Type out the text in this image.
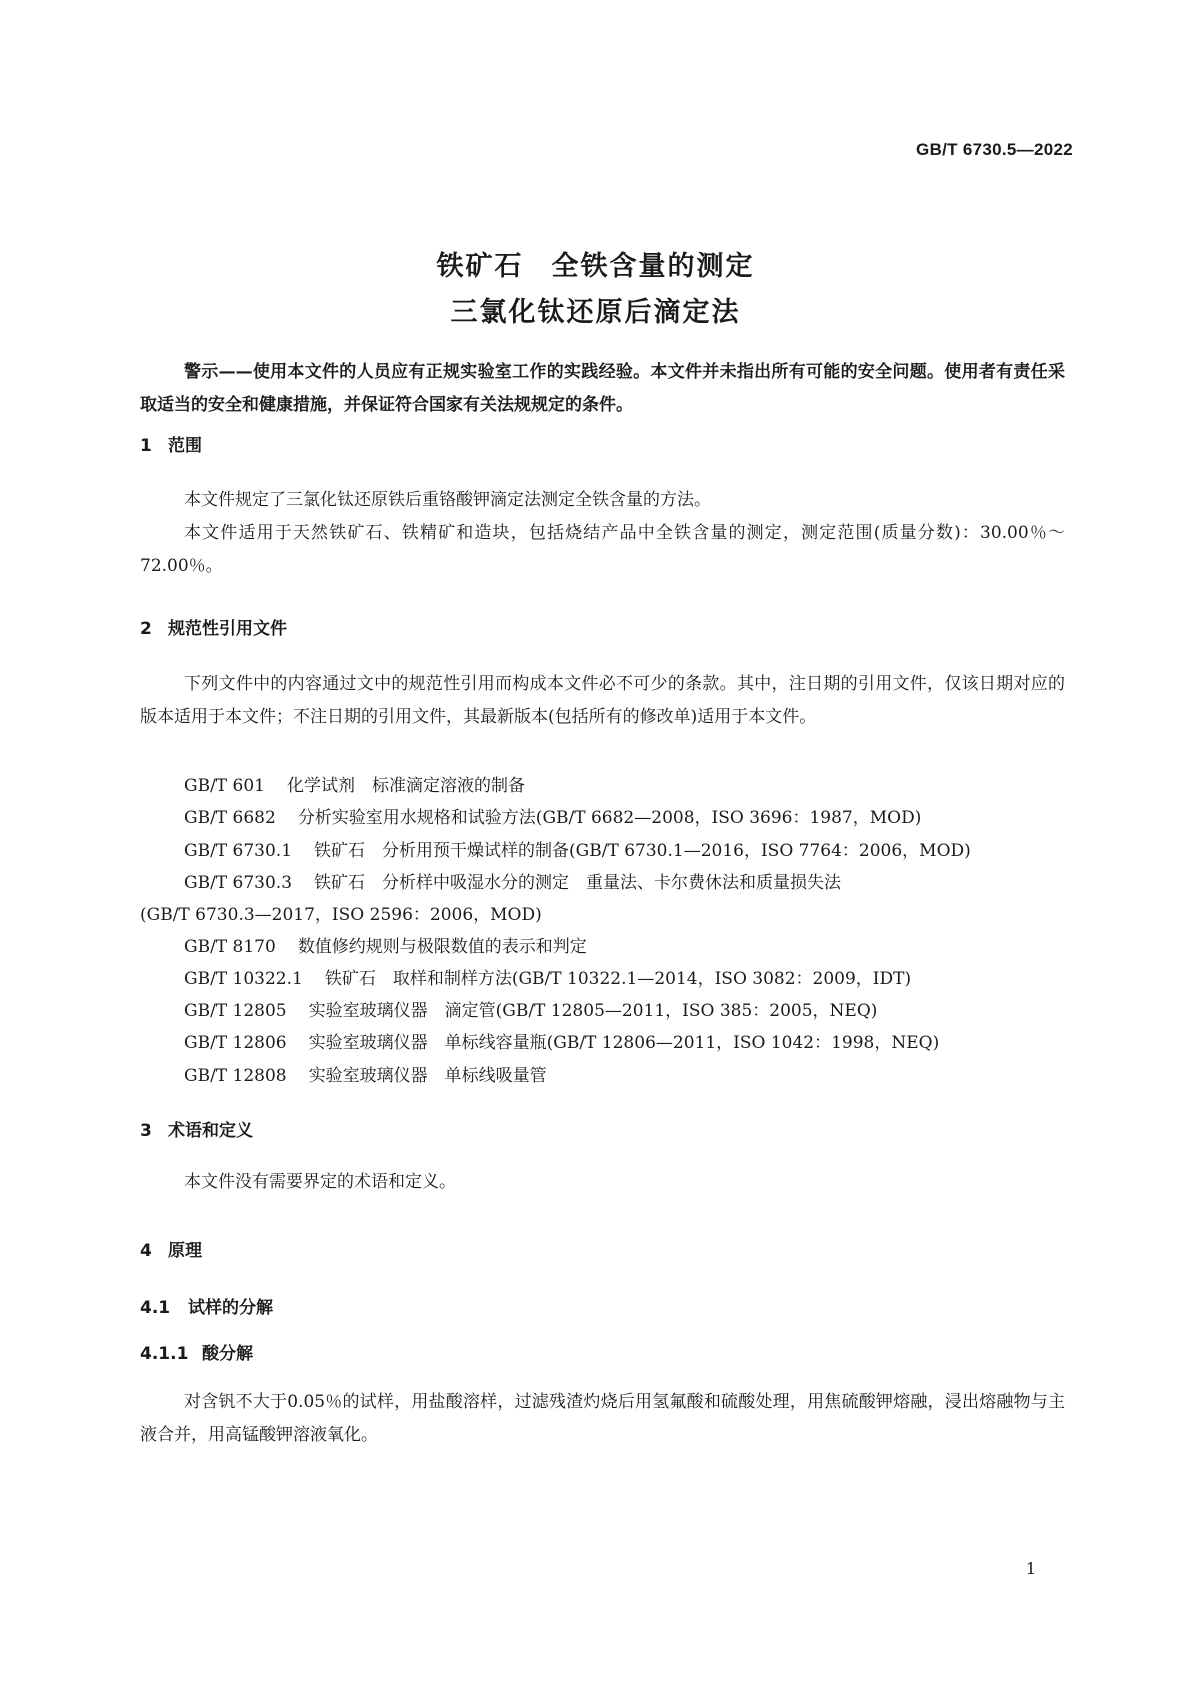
GB/T 6730.5—2022
铁矿石 全铁含量的测定
三氯化钛还原后滴定法
警示——使用本文件的人员应有正规实验室工作的实践经验。本文件并未指出所有可能的安全问题。使用者有责任采取适当的安全和健康措施，并保证符合国家有关法规规定的条件。
1 范围
本文件规定了三氯化钛还原铁后重铬酸钾滴定法测定全铁含量的方法。
本文件适用于天然铁矿石、铁精矿和造块，包括烧结产品中全铁含量的测定，测定范围(质量分数)：30.00％～72.00％。
2 规范性引用文件
下列文件中的内容通过文中的规范性引用而构成本文件必不可少的条款。其中，注日期的引用文件，仅该日期对应的版本适用于本文件；不注日期的引用文件，其最新版本(包括所有的修改单)适用于本文件。
GB/T 601 化学试剂　标准滴定溶液的制备
GB/T 6682 分析实验室用水规格和试验方法(GB/T 6682—2008，ISO 3696：1987，MOD)
GB/T 6730.1 铁矿石　分析用预干燥试样的制备(GB/T 6730.1—2016，ISO 7764：2006，MOD)
GB/T 6730.3 铁矿石　分析样中吸湿水分的测定　重量法、卡尔费休法和质量损失法
(GB/T 6730.3—2017，ISO 2596：2006，MOD)
GB/T 8170 数值修约规则与极限数值的表示和判定
GB/T 10322.1 铁矿石　取样和制样方法(GB/T 10322.1—2014，ISO 3082：2009，IDT)
GB/T 12805 实验室玻璃仪器　滴定管(GB/T 12805—2011，ISO 385：2005，NEQ)
GB/T 12806 实验室玻璃仪器　单标线容量瓶(GB/T 12806—2011，ISO 1042：1998，NEQ)
GB/T 12808 实验室玻璃仪器　单标线吸量管
3 术语和定义
本文件没有需要界定的术语和定义。
4 原理
4.1 试样的分解
4.1.1 酸分解
对含钒不大于0.05％的试样，用盐酸溶样，过滤残渣灼烧后用氢氟酸和硫酸处理，用焦硫酸钾熔融，浸出熔融物与主液合并，用高锰酸钾溶液氧化。
1
